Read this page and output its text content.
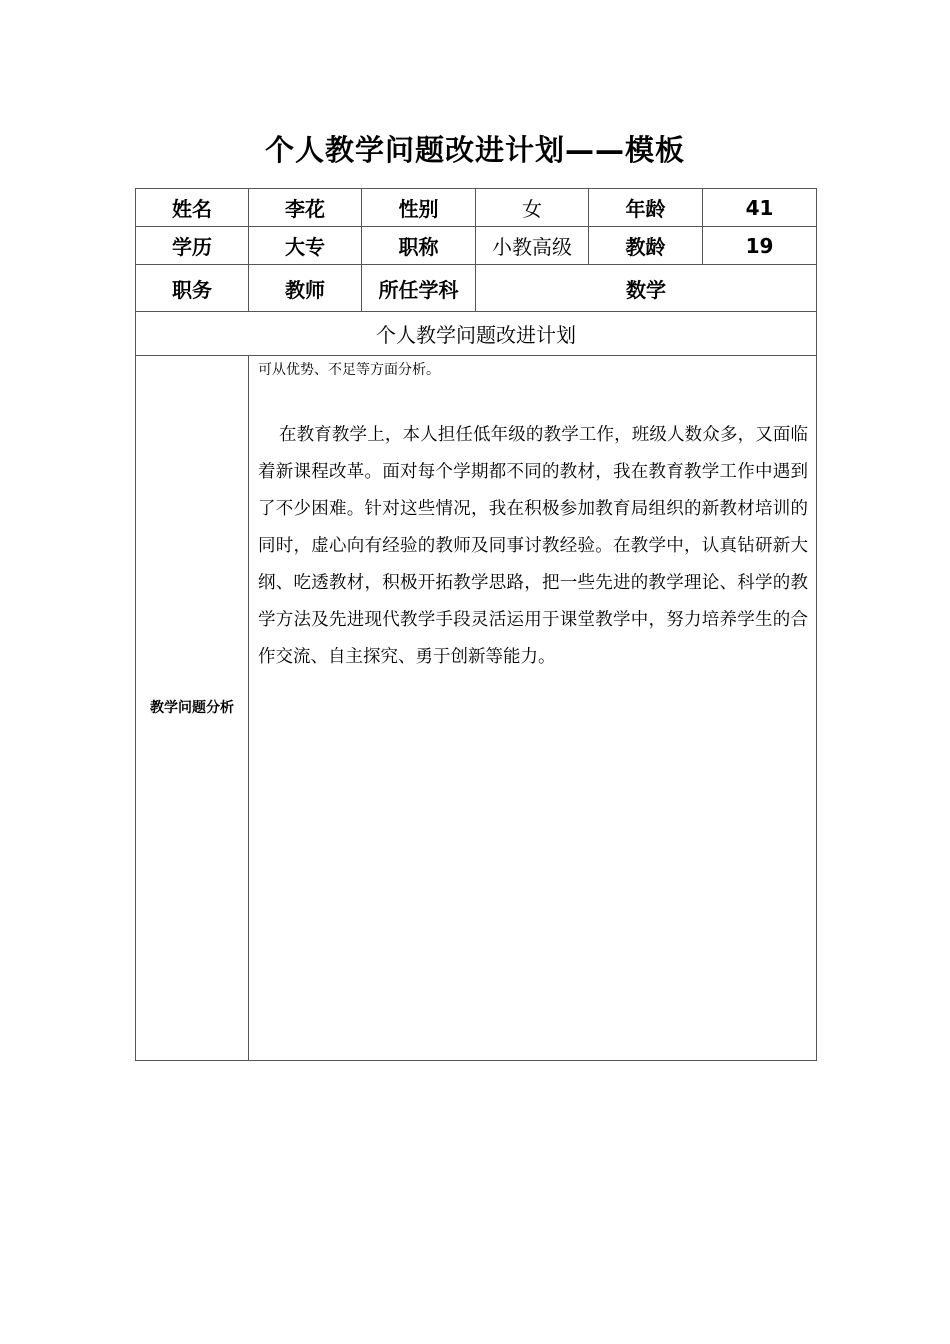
个人教学问题改进计划——模板
姓名	李花	性别	女	年龄	41
学历	大专	职称	小教高级	教龄	19
职务	教师	所任学科	数学		
个人教学问题改进计划					
教学问题分析	可从优势、不足等方面分析。
在教育教学上，本人担任低年级的教学工作，班级人数众多，又面临着新课程改革。面对每个学期都不同的教材，我在教育教学工作中遇到了不少困难。针对这些情况，我在积极参加教育局组织的新教材培训的同时，虚心向有经验的教师及同事讨教经验。在教学中，认真钻研新大纲、吃透教材，积极开拓教学思路，把一些先进的教学理论、科学的教学方法及先进现代教学手段灵活运用于课堂教学中，努力培养学生的合作交流、自主探究、勇于创新等能力。				
